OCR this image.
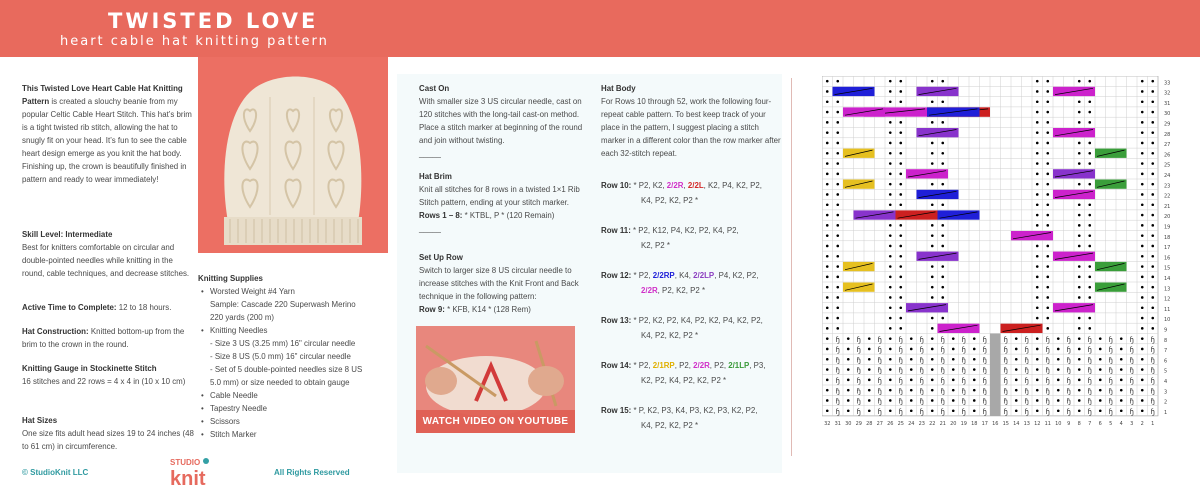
TWISTED LOVE
heart cable hat knitting pattern
This Twisted Love Heart Cable Hat Knitting Pattern is created a slouchy beanie from my popular Celtic Cable Heart Stitch. This hat’s brim is a tight twisted rib stitch, allowing the hat to snugly fit on your head. It’s fun to see the cable heart design emerge as you knit the hat body. Finishing up, the crown is beautifully finished in pattern and ready to wear immediately!
Skill Level: Intermediate
Best for knitters comfortable on circular and double-pointed needles while knitting in the round, cable techniques, and decrease stitches.
Active Time to Complete: 12 to 18 hours.
Hat Construction: Knitted bottom-up from the brim to the crown in the round.
Knitting Gauge in Stockinette Stitch
16 stitches and 22 rows = 4 x 4 in (10 x 10 cm)
Hat Sizes
One size fits adult head sizes 19 to 24 inches (48 to 61 cm) in circumference.
Knitting Supplies
• Worsted Weight #4 Yarn
Sample: Cascade 220 Superwash Merino
220 yards (200 m)
• Knitting Needles
- Size 3 US (3.25 mm) 16" circular needle
- Size 8 US (5.0 mm) 16" circular needle
- Set of 5 double-pointed needles size 8 US
5.0 mm) or size needed to obtain gauge
• Cable Needle
• Tapestry Needle
• Scissors
• Stitch Marker
Cast On
With smaller size 3 US circular needle, cast on 120 stitches with the long-tail cast-on method. Place a stitch marker at beginning of the round and join without twisting.
_____
Hat Brim
Knit all stitches for 8 rows in a twisted 1×1 Rib Stitch pattern, ending at your stitch marker.
Rows 1 – 8: * KTBL, P * (120 Remain)
_____
Set Up Row
Switch to larger size 8 US circular needle to increase stitches with the Knit Front and Back technique in the following pattern:
Row 9: * KFB, K14 * (128 Rem)
WATCH VIDEO ON YOUTUBE
Hat Body
For Rows 10 through 52, work the following four-repeat cable pattern. To best keep track of your place in the pattern, I suggest placing a stitch marker in a different color than the row marker after each 32-stitch repeat.
Row 10: * P2, K2, 2/2R, 2/2L, K2, P4, K2, P2,
K4, P2, K2, P2 *
Row 11: * P2, K12, P4, K2, P2, K4, P2,
K2, P2 *
Row 12: * P2, 2/2RP, K4, 2/2LP, P4, K2, P2,
2/2R, P2, K2, P2 *
Row 13: * P2, K2, P2, K4, P2, K2, P4, K2, P2,
K4, P2, K2, P2 *
Row 14: * P2, 2/1RP, P2, 2/2R, P2, 2/1LP, P3,
K2, P2, K4, P2, K2, P2 *
Row 15: * P, K2, P3, K4, P3, K2, P3, K2, P2,
K4, P2, K2, P2 *
ɧ ɧ ɧ ɧ ɧ ɧ ɧ ɧ ɧ ɧ ɧ ɧ ɧ ɧ ɧ ɧ
ɧ ɧ ɧ ɧ ɧ ɧ ɧ ɧ ɧ ɧ ɧ ɧ ɧ ɧ ɧ ɧ
ɧ ɧ ɧ ɧ ɧ ɧ ɧ ɧ ɧ ɧ ɧ ɧ ɧ ɧ ɧ ɧ
ɧ ɧ ɧ ɧ ɧ ɧ ɧ ɧ ɧ ɧ ɧ ɧ ɧ ɧ ɧ ɧ
ɧ ɧ ɧ ɧ ɧ ɧ ɧ ɧ ɧ ɧ ɧ ɧ ɧ ɧ ɧ ɧ
ɧ ɧ ɧ ɧ ɧ ɧ ɧ ɧ ɧ ɧ ɧ ɧ ɧ ɧ ɧ ɧ
ɧ ɧ ɧ ɧ ɧ ɧ ɧ ɧ ɧ ɧ ɧ ɧ ɧ ɧ ɧ ɧ
ɧ ɧ ɧ ɧ ɧ ɧ ɧ ɧ ɧ ɧ ɧ ɧ ɧ ɧ ɧ ɧ
33
32
31
30
29
28
27
26
25
24
23
22
21
20
19
18
17
16
15
14
13
12
11
10
9
8
7
6
5
4
3
2
1
32 31 30 29 28 27 26 25 24 23 22 21 20 19 18 17 16 15 14 13 12 11 10 9 8 7 6 5 4 3 2 1
© StudioKnit LLC
STUDIO
knit	All Rights Reserved
